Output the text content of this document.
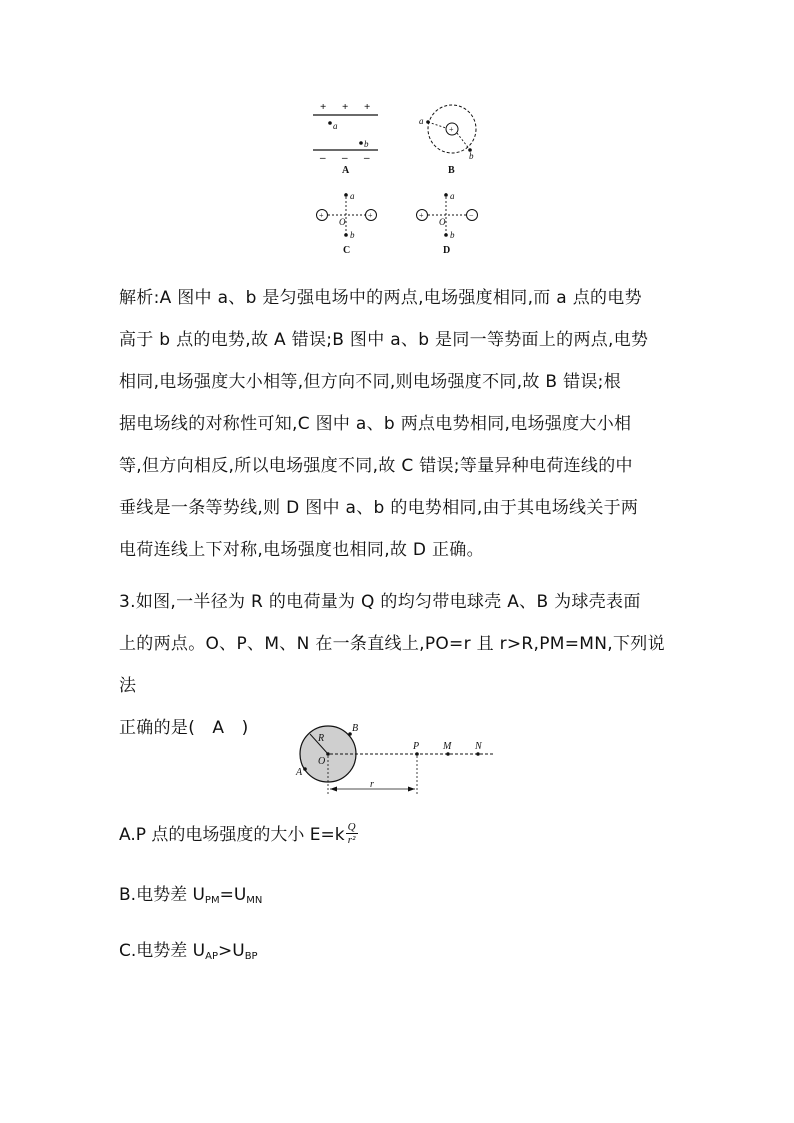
+ + +
a
b
– – –
A
+
a
b
B
+	+
a
O
b
C
+	−
a
O
b
D

解析:A 图中 a、b 是匀强电场中的两点,电场强度相同,而 a 点的电势

高于 b 点的电势,故 A 错误;B 图中 a、b 是同一等势面上的两点,电势

相同,电场强度大小相等,但方向不同,则电场强度不同,故 B 错误;根

据电场线的对称性可知,C 图中 a、b 两点电势相同,电场强度大小相

等,但方向相反,所以电场强度不同,故 C 错误;等量异种电荷连线的中

垂线是一条等势线,则 D 图中 a、b 的电势相同,由于其电场线关于两

电荷连线上下对称,电场强度也相同,故 D 正确。

3.如图,一半径为 R 的电荷量为 Q 的均匀带电球壳 A、B 为球壳表面

上的两点。O、P、M、N 在一条直线上,PO=r 且 r>R,PM=MN,下列说法

正确的是(　A　)

R
O
A
B
P M N
r
A.P 点的电场强度的大小 $E=k \frac{Q}{\text{r²}}$
B.电势差 $U_{PM}=U_{MN}$
C.电势差 $U_{AP}>U_{BP}$
